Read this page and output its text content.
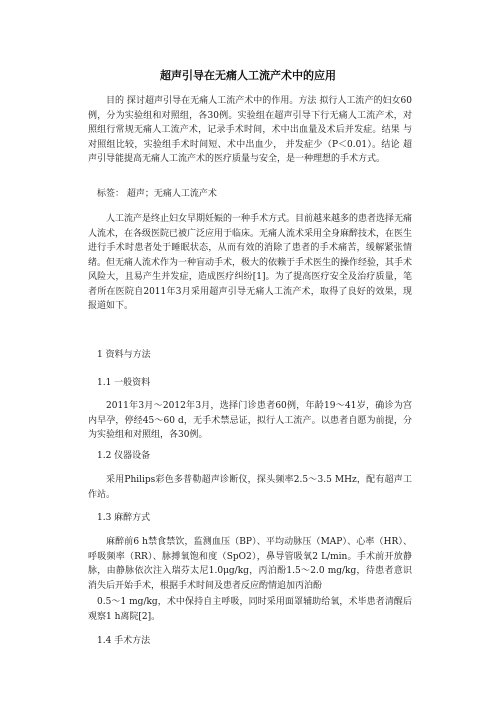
超声引导在无痛人工流产术中的应用

目的 探讨超声引导在无痛人工流产术中的作用。方法 拟行人工流产的妇女60例，分为实验组和对照组，各30例。实验组在超声引导下行无痛人工流产术，对照组行常规无痛人工流产术，记录手术时间，术中出血量及术后并发症。结果 与对照组比较，实验组手术时间短、术中出血少， 并发症少（P＜0.01）。结论 超声引导能提高无痛人工流产术的医疗质量与安全，是一种理想的手术方式。

标签： 超声；无痛人工流产术

人工流产是终止妇女早期妊娠的一种手术方式。目前越来越多的患者选择无痛人流术，在各级医院已被广泛应用于临床。无痛人流术采用全身麻醉技术，在医生进行手术时患者处于睡眠状态，从而有效的消除了患者的手术痛苦，缓解紧张情绪。但无痛人流术作为一种盲动手术，极大的依赖于手术医生的操作经验，其手术风险大，且易产生并发症，造成医疗纠纷[1]。为了提高医疗安全及治疗质量，笔者所在医院自2011年3月采用超声引导无痛人工流产术，取得了良好的效果，现报道如下。

1 资料与方法

1.1 一般资料

2011年3月～2012年3月，选择门诊患者60例，年龄19～41岁，确诊为宫内早孕，停经45～60 d，无手术禁忌证，拟行人工流产。以患者自愿为前提，分为实验组和对照组，各30例。

1.2 仪器设备

采用Philips彩色多普勒超声诊断仪，探头频率2.5～3.5 MHz，配有超声工作站。

1.3 麻醉方式

麻醉前6 h禁食禁饮，监测血压（BP）、平均动脉压（MAP）、心率（HR）、呼吸频率（RR）、脉搏氧饱和度（SpO2），鼻导管吸氧2 L/min。手术前开放静脉，由静脉依次注入瑞芬太尼1.0μg/kg，丙泊酚1.5～2.0 mg/kg，待患者意识消失后开始手术，根据手术时间及患者反应酌情追加丙泊酚

0.5～1 mg/kg，术中保持自主呼吸，同时采用面罩辅助给氧，术毕患者清醒后观察1 h离院[2]。

1.4 手术方法
